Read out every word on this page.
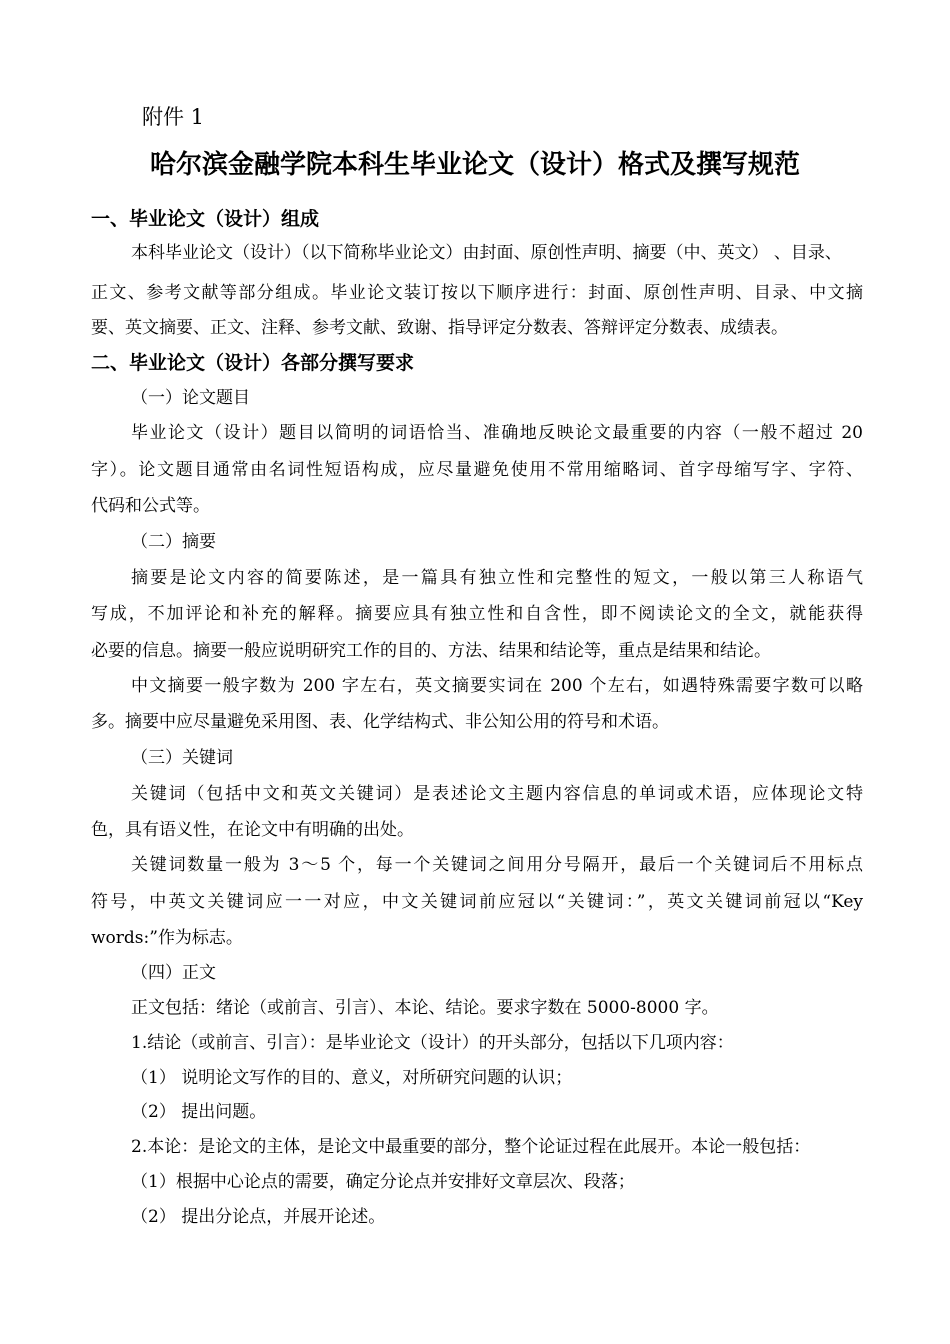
附件 1
哈尔滨金融学院本科生毕业论文（设计）格式及撰写规范
一、毕业论文（设计）组成
本科毕业论文（设计）（以下简称毕业论文）由封面、原创性声明、摘要（中、英文） 、目录、
正文、参考文献等部分组成。毕业论文装订按以下顺序进行：封面、原创性声明、目录、中文摘
要、英文摘要、正文、注释、参考文献、致谢、指导评定分数表、答辩评定分数表、成绩表。
二、毕业论文（设计）各部分撰写要求
（一）论文题目
毕业论文（设计）题目以简明的词语恰当、准确地反映论文最重要的内容（一般不超过 20
字）。论文题目通常由名词性短语构成，应尽量避免使用不常用缩略词、首字母缩写字、字符、
代码和公式等。
（二）摘要
摘要是论文内容的简要陈述，是一篇具有独立性和完整性的短文，一般以第三人称语气
写成，不加评论和补充的解释。摘要应具有独立性和自含性，即不阅读论文的全文，就能获得
必要的信息。摘要一般应说明研究工作的目的、方法、结果和结论等，重点是结果和结论。
中文摘要一般字数为 200 字左右，英文摘要实词在 200 个左右，如遇特殊需要字数可以略
多。摘要中应尽量避免采用图、表、化学结构式、非公知公用的符号和术语。
（三）关键词
关键词（包括中文和英文关键词）是表述论文主题内容信息的单词或术语，应体现论文特
色，具有语义性，在论文中有明确的出处。
关键词数量一般为 3～5 个，每一个关键词之间用分号隔开，最后一个关键词后不用标点
符号，中英文关键词应一一对应，中文关键词前应冠以“关键词：”，英文关键词前冠以“Key
words:”作为标志。
（四）正文
正文包括：绪论（或前言、引言）、本论、结论。要求字数在 5000-8000 字。
1.结论（或前言、引言）：是毕业论文（设计）的开头部分，包括以下几项内容：
（1） 说明论文写作的目的、意义，对所研究问题的认识；
（2） 提出问题。
2.本论：是论文的主体，是论文中最重要的部分，整个论证过程在此展开。本论一般包括：
（1）根据中心论点的需要，确定分论点并安排好文章层次、段落；
（2） 提出分论点，并展开论述。
